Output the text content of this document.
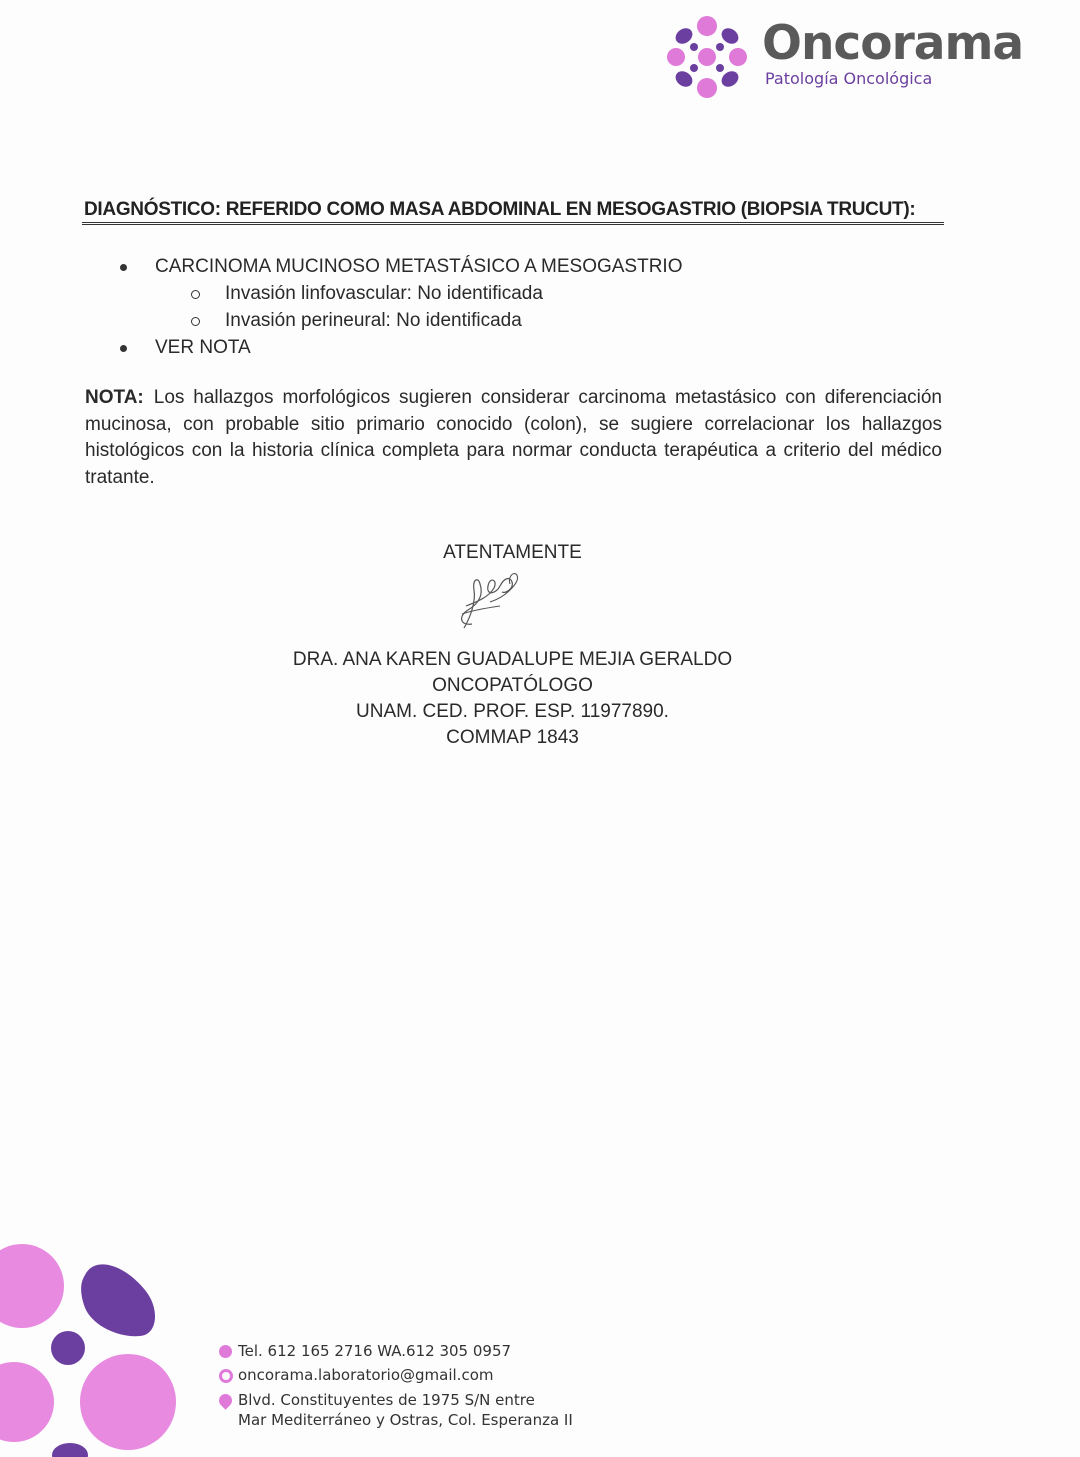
Oncorama
Patología Oncológica
DIAGNÓSTICO: REFERIDO COMO MASA ABDOMINAL EN MESOGASTRIO (BIOPSIA TRUCUT):
CARCINOMA MUCINOSO METASTÁSICO A MESOGASTRIO
Invasión linfovascular: No identificada
Invasión perineural: No identificada
VER NOTA
NOTA: Los hallazgos morfológicos sugieren considerar carcinoma metastásico con diferenciación mucinosa, con probable sitio primario conocido (colon), se sugiere correlacionar los hallazgos histológicos con la historia clínica completa para normar conducta terapéutica a criterio del médico tratante.
ATENTAMENTE
DRA. ANA KAREN GUADALUPE MEJIA GERALDO
ONCOPATÓLOGO
UNAM. CED. PROF. ESP. 11977890.
COMMAP 1843
Tel. 612 165 2716 WA.612 305 0957
oncorama.laboratorio@gmail.com
Blvd. Constituyentes de 1975 S/N entre
Mar Mediterráneo y Ostras, Col. Esperanza II
